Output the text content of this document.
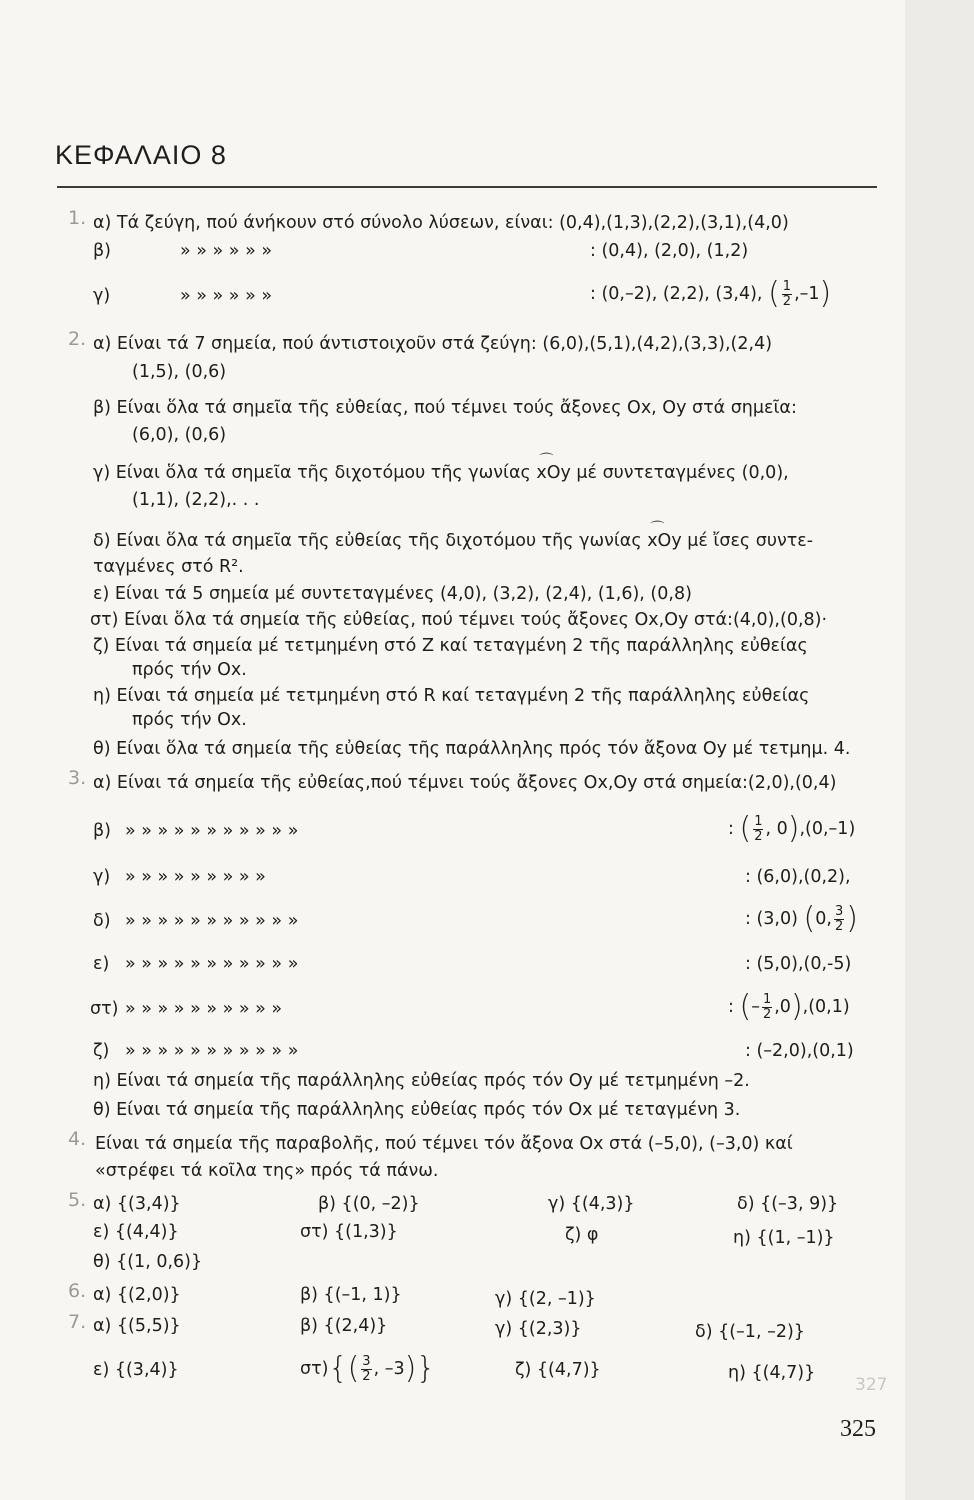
ΚΕΦΑΛΑΙΟ 8
1. α) Τά ζεύγη, πού άνήκουν στό σύνολο λύσεων, είναι: (0,4),(1,3),(2,2),(3,1),(4,0)
β)	» » » » » »	: (0,4), (2,0), (1,2)
γ)	» » » » » »	: (0,–2), (2,2), (3,4), ( $\frac{1}{2} ,-1$)
2. α) Είναι τά 7 σημεία, πού άντιστοιχοῦν στά ζεύγη: (6,0),(5,1),(4,2),(3,3),(2,4)
(1,5), (0,6)
β) Είναι ὅλα τά σημεῖα τῆς εὐθείας, πού τέμνει τούς ἄξονες Ox, Oy στά σημεῖα:
(6,0), (0,6)
γ) Είναι ὅλα τά σημεῖα τῆς διχοτόμου τῆς γωνίας ⌒ xOy μέ συντεταγμένες (0,0),
(1,1), (2,2),. . .
δ) Είναι ὅλα τά σημεῖα τῆς εὐθείας τῆς διχοτόμου τῆς γωνίας ⌒ xOy μέ ἴσες συντε-
ταγμένες στό R².
ε) Είναι τά 5 σημεία μέ συντεταγμένες (4,0), (3,2), (2,4), (1,6), (0,8)
στ) Είναι ὅλα τά σημεία τῆς εὐθείας, πού τέμνει τούς ἄξονες Ox,Oy στά:(4,0),(0,8)·
ζ) Είναι τά σημεία μέ τετμημένη στό Ζ καί τεταγμένη 2 τῆς παράλληλης εὐθείας
πρός τήν Ox.
η) Είναι τά σημεία μέ τετμημένη στό R καί τεταγμένη 2 τῆς παράλληλης εὐθείας
πρός τήν Ox.
θ) Είναι ὅλα τά σημεία τῆς εὐθείας τῆς παράλληλης πρός τόν ἄξονα Oy μέ τετμημ. 4.
3. α) Είναι τά σημεία τῆς εὐθείας,πού τέμνει τούς ἄξονες Ox,Oy στά σημεία:(2,0),(0,4)
β) » » » » » » » » » » »	: ( $\frac{1}{2}$ , 0),(0,–1)
γ) » » » » » » » » »	: (6,0),(0,2),
δ) » » » » » » » » » » »	: (3,0) (0, $\frac{3}{2}$ )
ε) » » » » » » » » » » »	: (5,0),(0,-5)
στ) » » » » » » » » » »	: (– $\frac{1}{2} ,0),(0,1)$
ζ) » » » » » » » » » » »	: (–2,0),(0,1)
η) Είναι τά σημεία τῆς παράλληλης εὐθείας πρός τόν Oy μέ τετμημένη –2.
θ) Είναι τά σημεία τῆς παράλληλης εὐθείας πρός τόν Ox μέ τεταγμένη 3.
4. Είναι τά σημεία τῆς παραβολῆς, πού τέμνει τόν ἄξονα Ox στά (–5,0), (–3,0) καί
«στρέφει τά κοῖλα της» πρός τά πάνω.
5. α) {(3,4)}	β) {(0, –2)}	γ) {(4,3)}	δ) {(–3, 9)}
ε) {(4,4)}	στ) {(1,3)}	ζ) φ	η) {(1, –1)}
θ) {(1, 0,6)}
6. α) {(2,0)}	β) {(–1, 1)}	γ) {(2, –1)}
7. α) {(5,5)}	β) {(2,4)}	γ) {(2,3)}	δ) {(–1, –2)}
ε) {(3,4)}	$\sigma\tau)\{( \frac{3}{2}$ , –3)}	ζ) {(4,7)}	η) {(4,7)}
327
325
